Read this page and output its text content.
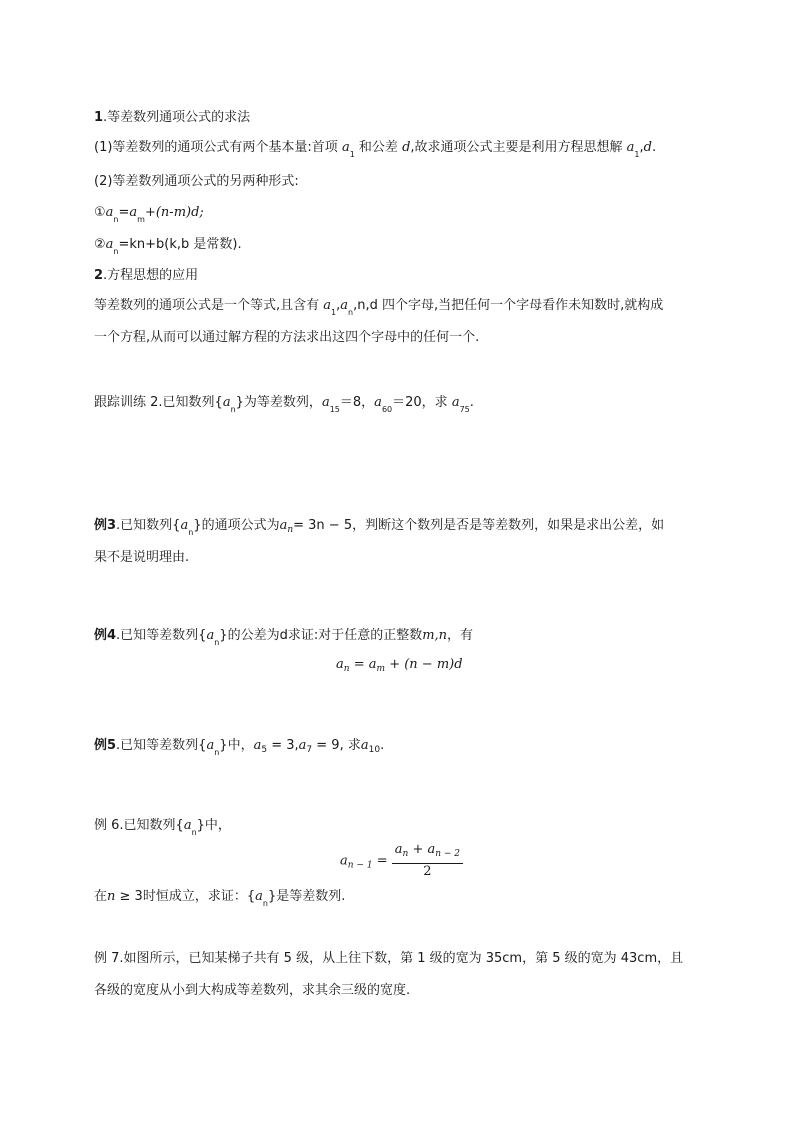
1.等差数列通项公式的求法
(1)等差数列的通项公式有两个基本量:首项 $a_1$ 和公差 d,故求通项公式主要是利用方程思想解 $a_1,d$.
(2)等差数列通项公式的另两种形式:
$①a_n=a_m+(n-m)d$;
$②a_n=kn+b(k,b$ 是常数).
2.方程思想的应用
等差数列的通项公式是一个等式,且含有 $a_1,a_n,n,d$ 四个字母,当把任何一个字母看作未知数时,就构成
一个方程,从而可以通过解方程的方法求出这四个字母中的任何一个.
跟踪训练 2.已知数列$\{a_n\}$为等差数列，$a_{15}=8$，$a_{60}=20$，求 $a_{75}$.
例3.已知数列$\{a_n\}$的通项公式为$a_n= 3n - 5$，判断这个数列是否是等差数列，如果是求出公差，如
果不是说明理由.
例4.已知等差数列$\{a_n\}$的公差为d求证:对于任意的正整数m,n，有
$a_n = a_m + (n - m)d$
例5.已知等差数列$\{a_n\}$中，$a_5 = 3,a_7 = 9$, 求$a_{10}$.
例 6.已知数列$\{a_n\}$中，
$a_{n - 1} = \frac{a_n + a_{n - 2}}{2}$
在n ≥ 3时恒成立，求证：$\{a_n\}$是等差数列.
例 7.如图所示，已知某梯子共有 5 级，从上往下数，第 1 级的宽为 35cm，第 5 级的宽为 43cm，且
各级的宽度从小到大构成等差数列，求其余三级的宽度.
